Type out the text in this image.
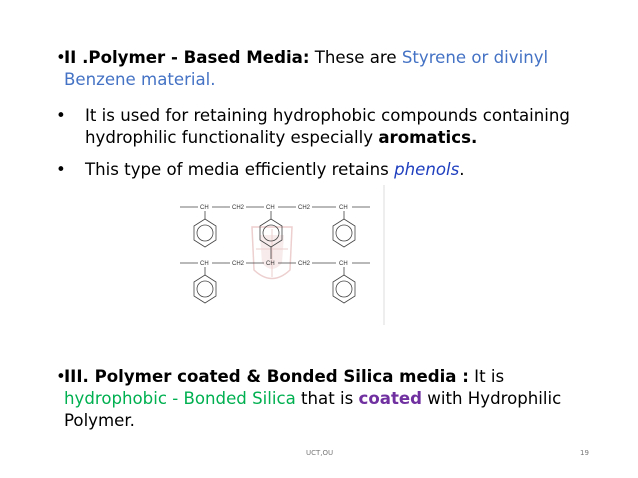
•
II .Polymer - Based Media: These are Styrene or divinyl
Benzene material.
•	It is used for retaining hydrophobic compounds containing
hydrophilic functionality especially aromatics.
•	This type of media efficiently retains phenols.
CH	CH2	CH	CH2	CH
CH	CH2	CH	CH2	CH
•
III. Polymer coated & Bonded Silica media : It is
hydrophobic - Bonded Silica that is coated with Hydrophilic
Polymer.
UCT,OU	19
